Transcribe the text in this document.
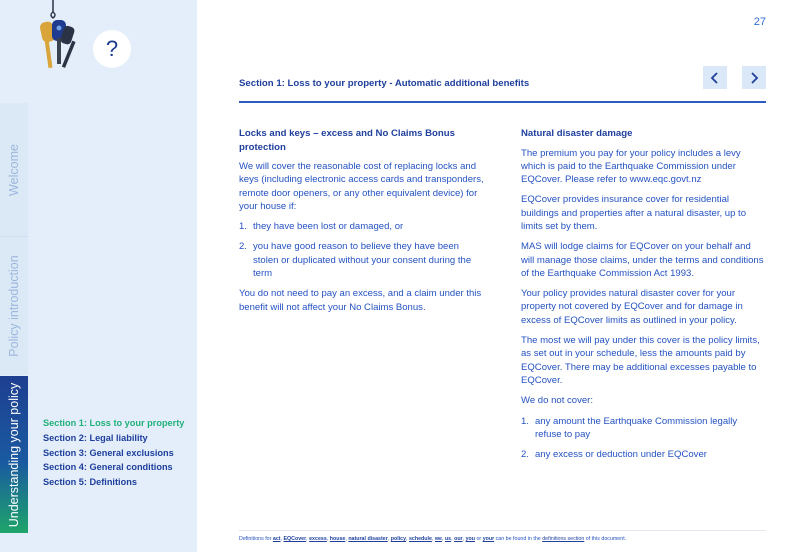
?
Welcome
Policy introduction
Understanding your policy Section 1: Loss to your property
Section 2: Legal liability
Section 3: General exclusions
Section 4: General conditions
Section 5: Definitions
27
Section 1: Loss to your property - Automatic additional benefits
Locks and keys – excess and No Claims Bonus protection

We will cover the reasonable cost of replacing locks and keys (including electronic access cards and transponders, remote door openers, or any other equivalent device) for your house if:

1. they have been lost or damaged, or
2. you have good reason to believe they have been stolen or duplicated without your consent during the term

You do not need to pay an excess, and a claim under this benefit will not affect your No Claims Bonus.

Natural disaster damage

The premium you pay for your policy includes a levy which is paid to the Earthquake Commission under EQCover. Please refer to www.eqc.govt.nz

EQCover provides insurance cover for residential buildings and properties after a natural disaster, up to limits set by them.

MAS will lodge claims for EQCover on your behalf and will manage those claims, under the terms and conditions of the Earthquake Commission Act 1993.

Your policy provides natural disaster cover for your property not covered by EQCover and for damage in excess of EQCover limits as outlined in your policy.

The most we will pay under this cover is the policy limits, as set out in your schedule, less the amounts paid by EQCover. There may be additional excesses payable to EQCover.

We do not cover:

1. any amount the Earthquake Commission legally refuse to pay
2. any excess or deduction under EQCover
Definitions for act, EQCover, excess, house, natural disaster, policy, schedule, we, us, our, you or your can be found in the definitions section of this document.
